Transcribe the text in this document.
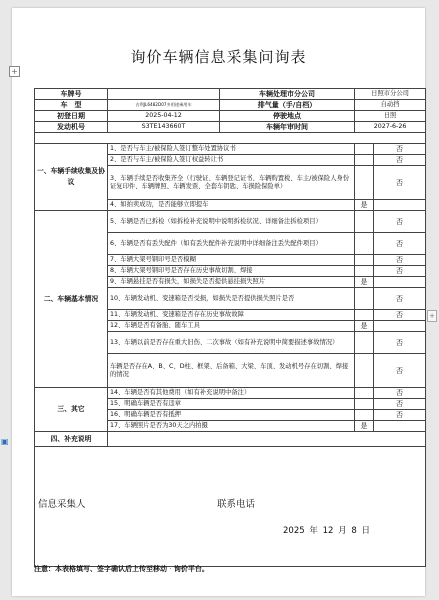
询价车辆信息采集问询表
车牌号		车辆处理市分公司	日照市分公司	
车　型	吉利JL6482D07多用途乘用车	排气量（手/自档）	自动挡	
初登日期	2025-04-12	停驶地点	日照	
发动机号	S3TE143660T	车辆年审时间	2027-6-26	

一、车辆手续收集及协议	1、是否与车主/被保险人签订整车处置协议书			否
	2、是否与车主/被保险人签订权益转让书			否
	3、车辆手续是否收集齐全（行驶证、车辆登记证书、车辆购置税、车主/被保险人身份证复印件、车辆牌照、车辆发票、全套车钥匙、车损险保险单）			否
	4、如拍卖成功，是否能够立即提车		是	
二、车辆基本情况	5、车辆是否已拆检（如拆检补充说明中说明拆检状况、详细备注拆检项目）			否
	6、车辆是否有丢失配件（如有丢失配件补充说明中详细备注丢失配件项目）			否
	7、车辆大架号钢印号是否模糊			否
	8、车辆大架号钢印号是否存在历史事故切割、焊接			否
	9、车辆悬挂是否有损失，如损失是否提供悬挂损失照片		是	
	10、车辆发动机、变速箱是否受损，如损失是否提供损失照片是否			否
	11、车辆发动机、变速箱是否存在历史事故故障			否
	12、车辆是否有备胎、随车工具		是	
	13、车辆以前是否存在重大旧伤、二次事故（如有补充说明中简要描述事故情况）			否
	车辆是否存在A、B、C、D柱、框架、后备箱、大梁、车顶、发动机号存在切割、焊接的情况			否
三、其它	14、车辆是否有其他费用（如有补充说明中备注）			否
	15、明确车辆是否有违章			否
	16、明确车辆是否有抵押			否
	17、车辆照片是否为30天之内拍摄		是	
四、补充说明				

信息采集人	联系电话
2025 年 12 月 8 日
注意：本表格填写、签字确认后上传至移动 · 询价平台。
+
+
▣
